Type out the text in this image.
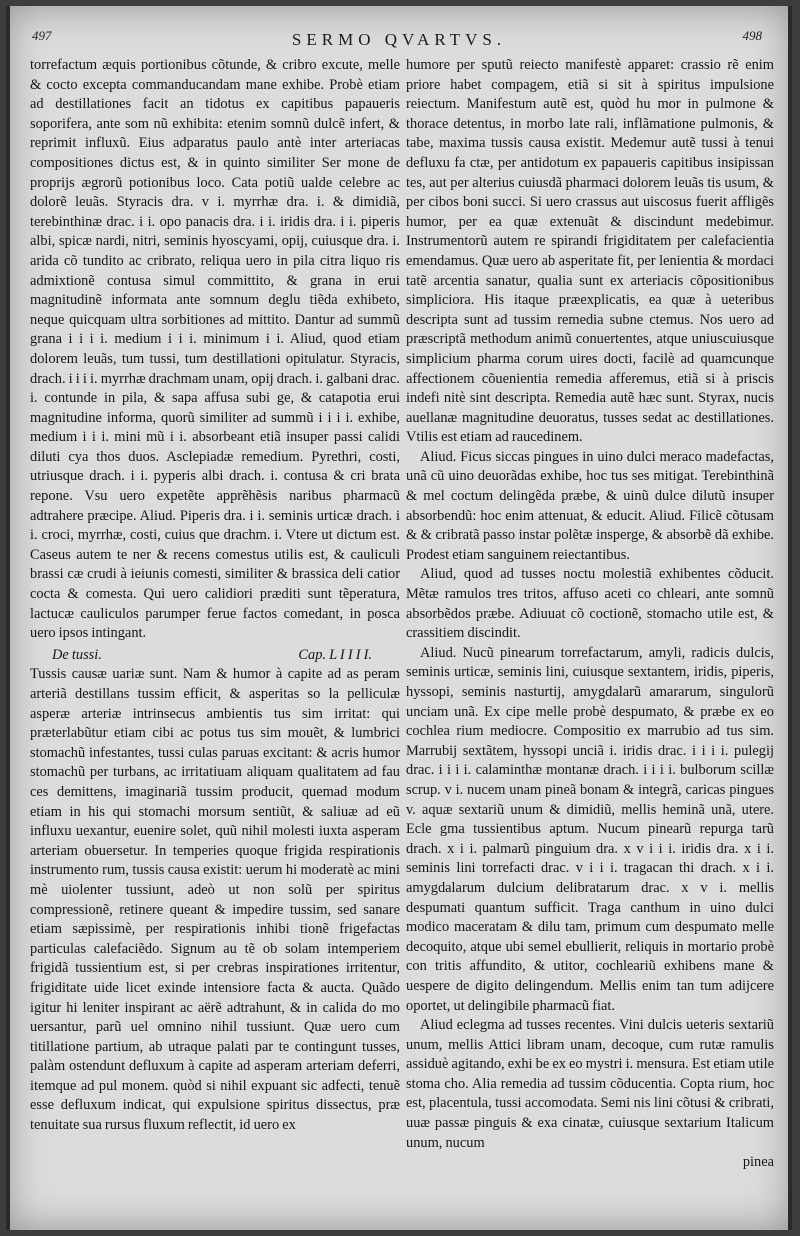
497	SERMO QVARTVS.	498

torrefactum æquis portionibus cõtunde, & cribro excute, melle & cocto excepta commanducandam mane exhibe. Probè etiam ad destillationes facit an tidotus ex capitibus papaueris soporifera, ante som nũ exhibita: etenim somnũ dulcẽ infert, & reprimit influxũ. Eius adparatus paulo antè inter arteriacas compositiones dictus est, & in quinto similiter Ser mone de proprijs ægrorũ potionibus loco. Cata potiũ ualde celebre ac dolorẽ leuãs. Styracis dra. v i. myrrhæ dra. i. & dimidiã, terebinthinæ drac. i i. opo panacis dra. i i. iridis dra. i i. piperis albi, spicæ nardi, nitri, seminis hyoscyami, opij, cuiusque dra. i. arida cõ tundito ac cribrato, reliqua uero in pila citra liquo ris admixtionẽ contusa simul committito, & grana in erui magnitudinẽ informata ante somnum deglu tiẽda exhibeto, neque quicquam ultra sorbitiones ad mittito. Dantur ad summũ grana i i i i. medium i i i. minimum i i. Aliud, quod etiam dolorem leuãs, tum tussi, tum destillationi opitulatur. Styracis, drach. i i i i. myrrhæ drachmam unam, opij drach. i. galbani drac. i. contunde in pila, & sapa affusa subi ge, & catapotia erui magnitudine informa, quorũ similiter ad summũ i i i i. exhibe, medium i i i. mini mũ i i. absorbeant etiã insuper passi calidi diluti cya thos duos. Asclepiadæ remedium. Pyrethri, costi, utriusque drach. i i. pyperis albi drach. i. contusa & cri brata repone. Vsu uero expetẽte apprẽhẽsis naribus pharmacũ adtrahere præcipe. Aliud. Piperis dra. i i. seminis urticæ drach. i i. croci, myrrhæ, costi, cuius que drachm. i. Vtere ut dictum est. Caseus autem te ner & recens comestus utilis est, & cauliculi brassi cæ crudi à ieiunis comesti, similiter & brassica deli catior cocta & comesta. Qui uero calidiori præditi sunt tẽperatura, lactucæ cauliculos parumper ferue factos comedant, in posca uero ipsos intingant.

De tussi.	Cap. L I I I I.

Tussis causæ uariæ sunt. Nam & humor à capite ad as peram arteriã destillans tussim efficit, & asperitas so la pelliculæ asperæ arteriæ intrinsecus ambientis tus sim irritat: qui præterlabũtur etiam cibi ac potus tus sim mouẽt, & lumbrici stomachũ infestantes, tussi culas paruas excitant: & acris humor stomachũ per turbans, ac irritatiuam aliquam qualitatem ad fau ces demittens, imaginariã tussim producit, quemad modum etiam in his qui stomachi morsum sentiũt, & saliuæ ad eũ influxu uexantur, euenire solet, quũ nihil molesti iuxta asperam arteriam obuersetur. In temperies quoque frigida respirationis instrumento rum, tussis causa existit: uerum hi moderatè ac mini mè uiolenter tussiunt, adeò ut non solũ per spiritus compressionẽ, retinere queant & impedire tussim, sed sanare etiam sæpissimè, per respirationis inhibi tionẽ frigefactas particulas calefaciẽdo. Signum au tẽ ob solam intemperiem frigidã tussientium est, si per crebras inspirationes irritentur, frigiditate uide licet exinde intensiore facta & aucta. Quãdo igitur hi leniter inspirant ac aërẽ adtrahunt, & in calida do mo uersantur, parũ uel omnino nihil tussiunt. Quæ uero cum titillatione partium, ab utraque palati par te contingunt tusses, palàm ostendunt defluxum à capite ad asperam arteriam deferri, itemque ad pul monem. quòd si nihil expuant sic adfecti, tenuẽ esse defluxum indicat, qui expulsione spiritus dissectus, præ tenuitate sua rursus fluxum reflectit, id uero ex

humore per sputũ reiecto manifestè apparet: crassio rẽ enim priore habet compagem, etiã si sit à spiritus impulsione reiectum. Manifestum autẽ est, quòd hu mor in pulmone & thorace detentus, in morbo late rali, inflãmatione pulmonis, & tabe, maxima tussis causa existit. Medemur autẽ tussi à tenui defluxu fa ctæ, per antidotum ex papaueris capitibus insipissan tes, aut per alterius cuiusdã pharmaci dolorem leuãs tis usum, & per cibos boni succi. Si uero crassus aut uiscosus fuerit affligẽs humor, per ea quæ extenuãt & discindunt medebimur. Instrumentorũ autem re spirandi frigiditatem per calefacientia emendamus. Quæ uero ab asperitate fit, per lenientia & mordaci tatẽ arcentia sanatur, qualia sunt ex arteriacis cõpositionibus simpliciora. His itaque præexplicatis, ea quæ à ueteribus descripta sunt ad tussim remedia subne ctemus. Nos uero ad præscriptã methodum animũ conuertentes, atque uniuscuiusque simplicium pharma corum uires docti, facilè ad quamcunque affectionem cõuenientia remedia afferemus, etiã si à priscis indefi nitè sint descripta. Remedia autẽ hæc sunt. Styrax, nucis auellanæ magnitudine deuoratus, tusses sedat ac destillationes. Vtilis est etiam ad raucedinem.

Aliud. Ficus siccas pingues in uino dulci meraco madefactas, unã cũ uino deuorãdas exhibe, hoc tus ses mitigat. Terebinthinã & mel coctum delingẽda præbe, & uinũ dulce dilutũ insuper absorbendũ: hoc enim attenuat, & educit. Aliud. Filicẽ cõtusam & & cribratã passo instar polẽtæ insperge, & absorbẽ dã exhibe. Prodest etiam sanguinem reiectantibus.

Aliud, quod ad tusses noctu molestiã exhibentes cõducit. Mẽtæ ramulos tres tritos, affuso aceti co chleari, ante somnũ absorbẽdos præbe. Adiuuat cõ coctionẽ, stomacho utile est, & crassitiem discindit.

Aliud. Nucũ pinearum torrefactarum, amyli, radicis dulcis, seminis urticæ, seminis lini, cuiusque sextantem, iridis, piperis, hyssopi, seminis nasturtij, amygdalarũ amararum, singulorũ unciam unã. Ex cipe melle probè despumato, & præbe ex eo cochlea rium mediocre. Compositio ex marrubio ad tus sim. Marrubij sextãtem, hyssopi unciã i. iridis drac. i i i i. pulegij drac. i i i i. calaminthæ montanæ drach. i i i i. bulborum scillæ scrup. v i. nucem unam pineã bonam & integrã, caricas pingues v. aquæ sextariũ unum & dimidiũ, mellis heminã unã, utere. Ecle gma tussientibus aptum. Nucum pinearũ repurga tarũ drach. x i i. palmarũ pinguium dra. x v i i i. iridis dra. x i i. seminis lini torrefacti drac. v i i i. tragacan thi drach. x i i. amygdalarum dulcium delibratarum drac. x v i. mellis despumati quantum sufficit. Traga canthum in uino dulci modico maceratam & dilu tam, primum cum despumato melle decoquito, atque ubi semel ebullierit, reliquis in mortario probè con tritis affundito, & utitor, cochleariũ exhibens mane & uespere de digito delingendum. Mellis enim tan tum adijcere oportet, ut delingibile pharmacũ fiat.

Aliud eclegma ad tusses recentes. Vini dulcis ueteris sextariũ unum, mellis Attici libram unam, decoque, cum rutæ ramulis assiduè agitando, exhi be ex eo mystri i. mensura. Est etiam utile stoma cho. Alia remedia ad tussim cõducentia. Copta rium, hoc est, placentula, tussi accomodata. Semi nis lini cõtusi & cribrati, uuæ passæ pinguis & exa cinatæ, cuiusque sextarium Italicum unum, nucum

pinea
